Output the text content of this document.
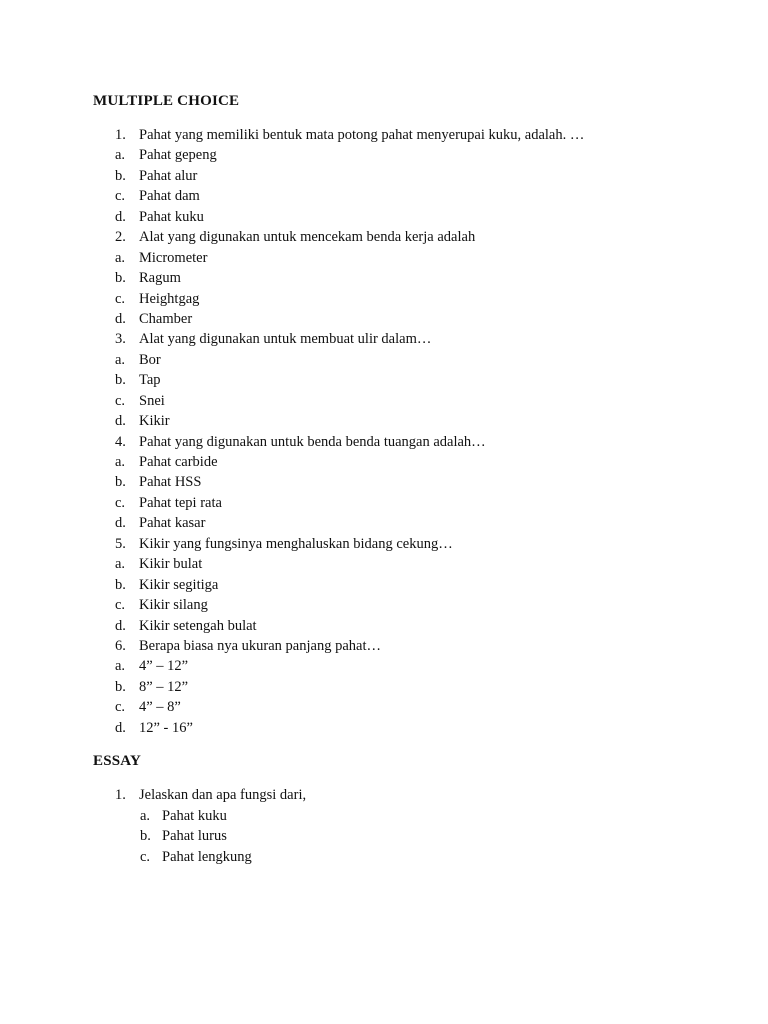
MULTIPLE CHOICE
1. Pahat yang memiliki bentuk mata potong pahat menyerupai kuku, adalah. …
a. Pahat gepeng
b. Pahat alur
c. Pahat dam
d. Pahat kuku
2. Alat yang digunakan untuk mencekam benda kerja adalah
a. Micrometer
b. Ragum
c. Heightgag
d. Chamber
3. Alat yang digunakan untuk membuat ulir dalam…
a. Bor
b. Tap
c. Snei
d. Kikir
4. Pahat yang digunakan untuk benda benda tuangan adalah…
a. Pahat carbide
b. Pahat HSS
c. Pahat tepi rata
d. Pahat kasar
5. Kikir yang fungsinya menghaluskan bidang cekung…
a. Kikir bulat
b. Kikir segitiga
c. Kikir silang
d. Kikir setengah bulat
6. Berapa biasa nya ukuran panjang pahat…
a. 4” – 12”
b. 8” – 12”
c. 4” – 8”
d. 12” - 16”
ESSAY
1. Jelaskan dan apa fungsi dari,
a. Pahat kuku
b. Pahat lurus
c. Pahat lengkung
